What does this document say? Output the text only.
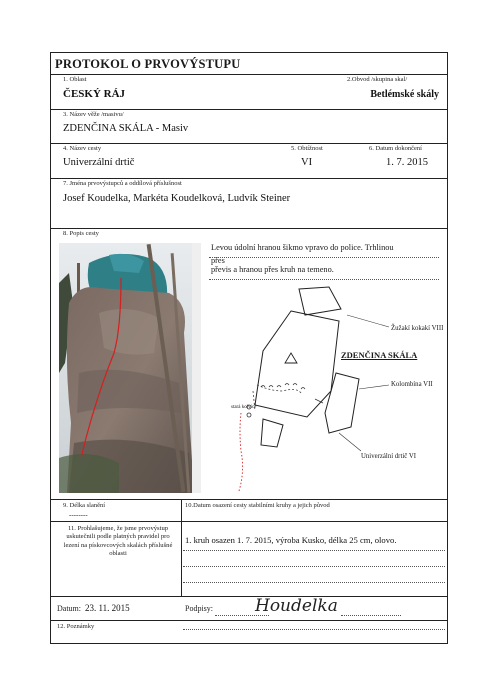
PROTOKOL O PRVOVÝSTUPU
1. Oblast
ČESKÝ RÁJ
2.Obvod /skupina skal/
Betlémské skály
3. Název věže /masivu/
ZDENČINA SKÁLA - Masiv
4. Název cesty
Univerzální drtič
5. Obtížnost
VI
6. Datum dokončení
1. 7. 2015
7. Jména prvovýstupců a oddílová příslušnost
Josef Koudelka, Markéta Koudelková, Ludvík Steiner
8. Popis cesty
Levou údolní hranou šikmo vpravo do police. Trhlinou přes
převis a hranou přes kruh na temeno.
Žužakí kokakí VIII
ZDENČINA SKÁLA
Kolombína VII
Univerzální drtič VI
stará kolvice
9. Délka slanění
--------
10.Datum osazení cesty stabilními kruhy a jejich původ
11. Prohlašujeme, že jsme prvovýstup uskutečnili podle platných pravidel pro lezení na pískovcových skalách příslušné oblasti
1. kruh osazen 1. 7. 2015, výroba Kusko, délka 25 cm, olovo.
Datum: 23. 11. 2015	Podpisy: Houdelka
12. Poznámky
